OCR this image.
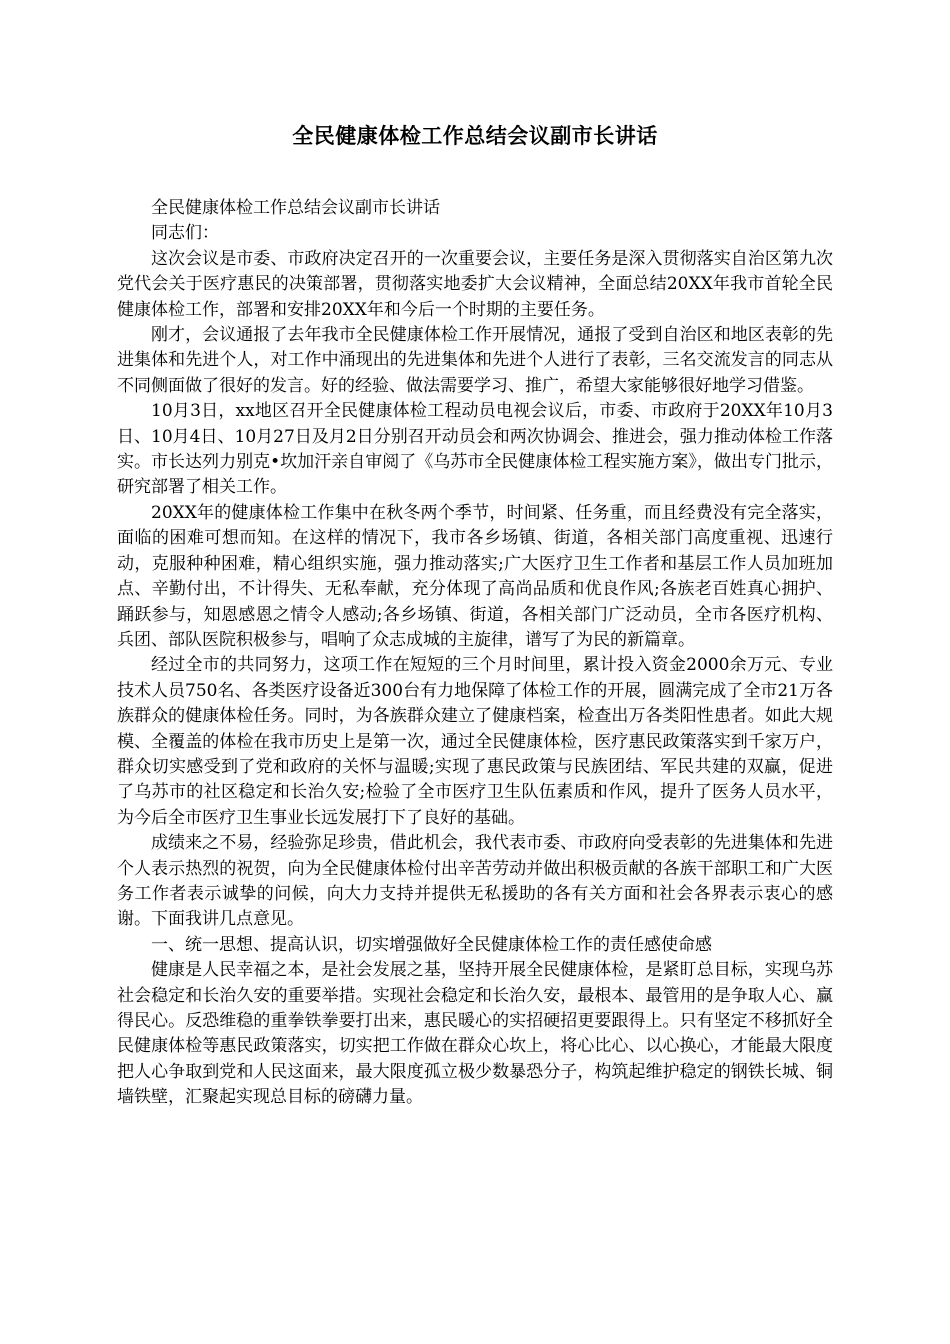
全民健康体检工作总结会议副市长讲话

全民健康体检工作总结会议副市长讲话

同志们：

这次会议是市委、市政府决定召开的一次重要会议，主要任务是深入贯彻落实自治区第九次党代会关于医疗惠民的决策部署，贯彻落实地委扩大会议精神，全面总结20XX年我市首轮全民健康体检工作，部署和安排20XX年和今后一个时期的主要任务。

刚才，会议通报了去年我市全民健康体检工作开展情况，通报了受到自治区和地区表彰的先进集体和先进个人，对工作中涌现出的先进集体和先进个人进行了表彰，三名交流发言的同志从不同侧面做了很好的发言。好的经验、做法需要学习、推广，希望大家能够很好地学习借鉴。

10月3日，xx地区召开全民健康体检工程动员电视会议后，市委、市政府于20XX年10月3日、10月4日、10月27日及月2日分别召开动员会和两次协调会、推进会，强力推动体检工作落实。市长达列力别克•坎加汗亲自审阅了《乌苏市全民健康体检工程实施方案》，做出专门批示，研究部署了相关工作。

20XX年的健康体检工作集中在秋冬两个季节，时间紧、任务重，而且经费没有完全落实，面临的困难可想而知。在这样的情况下，我市各乡场镇、街道，各相关部门高度重视、迅速行动，克服种种困难，精心组织实施，强力推动落实;广大医疗卫生工作者和基层工作人员加班加点、辛勤付出，不计得失、无私奉献，充分体现了高尚品质和优良作风;各族老百姓真心拥护、踊跃参与，知恩感恩之情令人感动;各乡场镇、街道，各相关部门广泛动员，全市各医疗机构、兵团、部队医院积极参与，唱响了众志成城的主旋律，谱写了为民的新篇章。

经过全市的共同努力，这项工作在短短的三个月时间里，累计投入资金2000余万元、专业技术人员750名、各类医疗设备近300台有力地保障了体检工作的开展，圆满完成了全市21万各族群众的健康体检任务。同时，为各族群众建立了健康档案，检查出万各类阳性患者。如此大规模、全覆盖的体检在我市历史上是第一次，通过全民健康体检，医疗惠民政策落实到千家万户，群众切实感受到了党和政府的关怀与温暖;实现了惠民政策与民族团结、军民共建的双赢，促进了乌苏市的社区稳定和长治久安;检验了全市医疗卫生队伍素质和作风，提升了医务人员水平，为今后全市医疗卫生事业长远发展打下了良好的基础。

成绩来之不易，经验弥足珍贵，借此机会，我代表市委、市政府向受表彰的先进集体和先进个人表示热烈的祝贺，向为全民健康体检付出辛苦劳动并做出积极贡献的各族干部职工和广大医务工作者表示诚挚的问候，向大力支持并提供无私援助的各有关方面和社会各界表示衷心的感谢。下面我讲几点意见。

一、统一思想、提高认识，切实增强做好全民健康体检工作的责任感使命感

健康是人民幸福之本，是社会发展之基，坚持开展全民健康体检，是紧盯总目标，实现乌苏社会稳定和长治久安的重要举措。实现社会稳定和长治久安，最根本、最管用的是争取人心、赢得民心。反恐维稳的重拳铁拳要打出来，惠民暖心的实招硬招更要跟得上。只有坚定不移抓好全民健康体检等惠民政策落实，切实把工作做在群众心坎上，将心比心、以心换心，才能最大限度把人心争取到党和人民这面来，最大限度孤立极少数暴恐分子，构筑起维护稳定的钢铁长城、铜墙铁壁，汇聚起实现总目标的磅礴力量。
